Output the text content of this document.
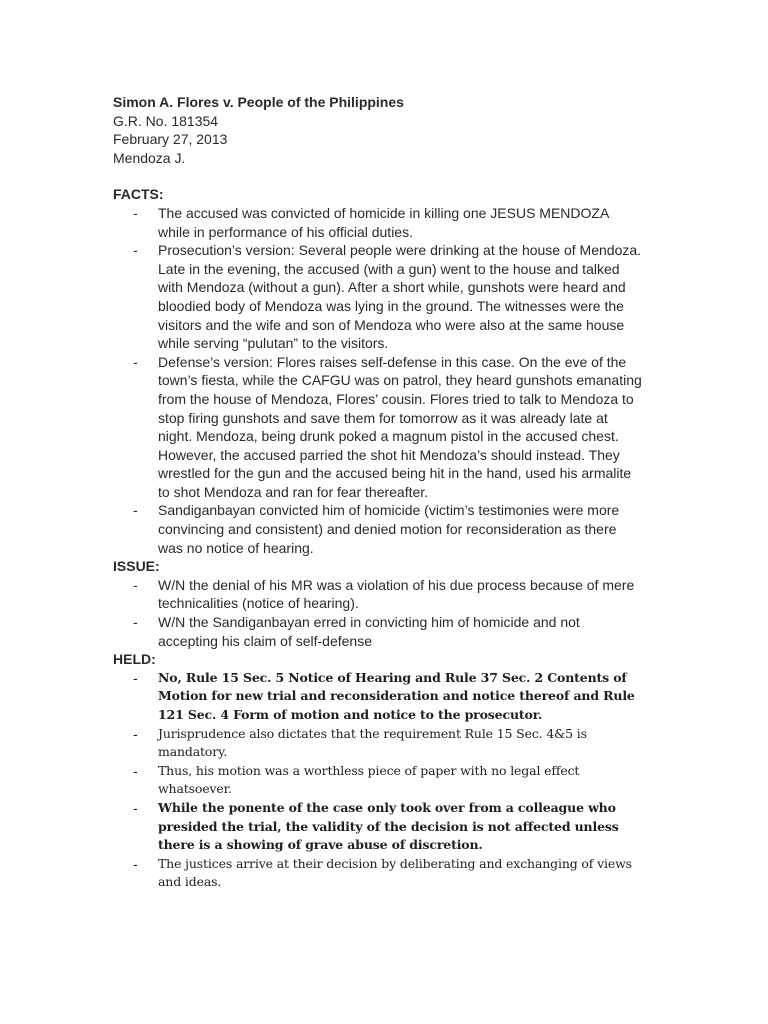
Simon A. Flores v. People of the Philippines
G.R. No. 181354
February 27, 2013
Mendoza J.
FACTS:
- The accused was convicted of homicide in killing one JESUS MENDOZA while in performance of his official duties.
- Prosecution’s version: Several people were drinking at the house of Mendoza. Late in the evening, the accused (with a gun) went to the house and talked with Mendoza (without a gun). After a short while, gunshots were heard and bloodied body of Mendoza was lying in the ground. The witnesses were the visitors and the wife and son of Mendoza who were also at the same house while serving “pulutan” to the visitors.
- Defense’s version: Flores raises self-defense in this case. On the eve of the town’s fiesta, while the CAFGU was on patrol, they heard gunshots emanating from the house of Mendoza, Flores’ cousin. Flores tried to talk to Mendoza to stop firing gunshots and save them for tomorrow as it was already late at night. Mendoza, being drunk poked a magnum pistol in the accused chest. However, the accused parried the shot hit Mendoza’s should instead. They wrestled for the gun and the accused being hit in the hand, used his armalite to shot Mendoza and ran for fear thereafter.
- Sandiganbayan convicted him of homicide (victim’s testimonies were more convincing and consistent) and denied motion for reconsideration as there was no notice of hearing.
ISSUE:
- W/N the denial of his MR was a violation of his due process because of mere technicalities (notice of hearing).
- W/N the Sandiganbayan erred in convicting him of homicide and not accepting his claim of self-defense
HELD:
- No, Rule 15 Sec. 5 Notice of Hearing and Rule 37 Sec. 2 Contents of Motion for new trial and reconsideration and notice thereof and Rule 121 Sec. 4 Form of motion and notice to the prosecutor.
- Jurisprudence also dictates that the requirement Rule 15 Sec. 4&5 is mandatory.
- Thus, his motion was a worthless piece of paper with no legal effect whatsoever.
- While the ponente of the case only took over from a colleague who presided the trial, the validity of the decision is not affected unless there is a showing of grave abuse of discretion.
- The justices arrive at their decision by deliberating and exchanging of views and ideas.
